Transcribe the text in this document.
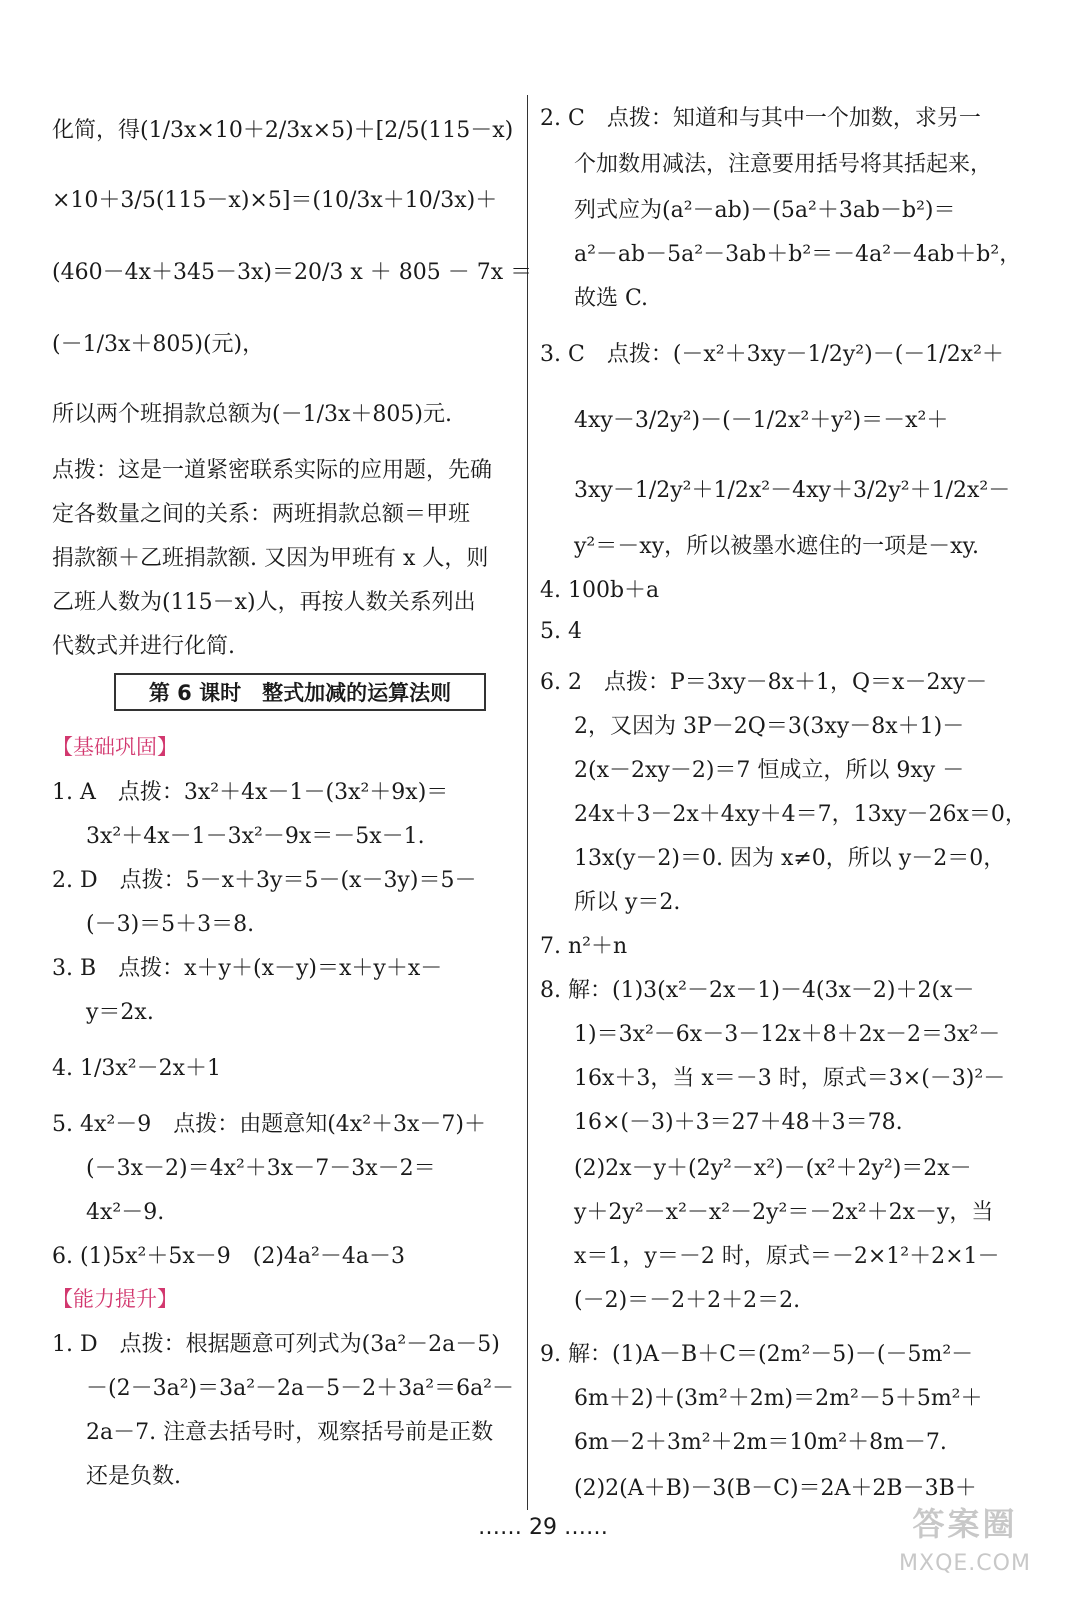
化简，得(1/3x×10＋2/3x×5)＋[2/5(115－x)
×10＋3/5(115－x)×5]＝(10/3x＋10/3x)＋
(460－4x＋345－3x)＝20/3 x ＋ 805 － 7x ＝
(－1/3x＋805)(元)，
所以两个班捐款总额为(－1/3x＋805)元.
点拨：这是一道紧密联系实际的应用题，先确
定各数量之间的关系：两班捐款总额＝甲班
捐款额＋乙班捐款额. 又因为甲班有 x 人，则
乙班人数为(115－x)人，再按人数关系列出
代数式并进行化简.
第 6 课时　整式加减的运算法则
【基础巩固】
1. A　点拨：3x²＋4x－1－(3x²＋9x)＝
3x²＋4x－1－3x²－9x＝－5x－1.
2. D　点拨：5－x＋3y＝5－(x－3y)＝5－
(－3)＝5＋3＝8.
3. B　点拨：x＋y＋(x－y)＝x＋y＋x－
y＝2x.
4. 1/3x²－2x＋1
5. 4x²－9　点拨：由题意知(4x²＋3x－7)＋
(－3x－2)＝4x²＋3x－7－3x－2＝
4x²－9.
6. (1)5x²＋5x－9　(2)4a²－4a－3
【能力提升】
1. D　点拨：根据题意可列式为(3a²－2a－5)
－(2－3a²)＝3a²－2a－5－2＋3a²＝6a²－
2a－7. 注意去括号时，观察括号前是正数
还是负数.
2. C　点拨：知道和与其中一个加数，求另一
个加数用减法，注意要用括号将其括起来，
列式应为(a²－ab)－(5a²＋3ab－b²)＝
a²－ab－5a²－3ab＋b²＝－4a²－4ab＋b²，
故选 C.
3. C　点拨：(－x²＋3xy－1/2y²)－(－1/2x²＋
4xy－3/2y²)－(－1/2x²＋y²)＝－x²＋
3xy－1/2y²＋1/2x²－4xy＋3/2y²＋1/2x²－
y²＝－xy，所以被墨水遮住的一项是－xy.
4. 100b＋a
5. 4
6. 2　点拨：P＝3xy－8x＋1，Q＝x－2xy－
2，又因为 3P－2Q＝3(3xy－8x＋1)－
2(x－2xy－2)＝7 恒成立，所以 9xy －
24x＋3－2x＋4xy＋4＝7，13xy－26x＝0，
13x(y－2)＝0. 因为 x≠0，所以 y－2＝0，
所以 y＝2.
7. n²＋n
8. 解：(1)3(x²－2x－1)－4(3x－2)＋2(x－
1)＝3x²－6x－3－12x＋8＋2x－2＝3x²－
16x＋3，当 x＝－3 时，原式＝3×(－3)²－
16×(－3)＋3＝27＋48＋3＝78.
(2)2x－y＋(2y²－x²)－(x²＋2y²)＝2x－
y＋2y²－x²－x²－2y²＝－2x²＋2x－y，当
x＝1，y＝－2 时，原式＝－2×1²＋2×1－
(－2)＝－2＋2＋2＝2.
9. 解：(1)A－B＋C＝(2m²－5)－(－5m²－
6m＋2)＋(3m²＋2m)＝2m²－5＋5m²＋
6m－2＋3m²＋2m＝10m²＋8m－7.
(2)2(A＋B)－3(B－C)＝2A＋2B－3B＋
…… 29 ……	答案圈
MXQE.COM
